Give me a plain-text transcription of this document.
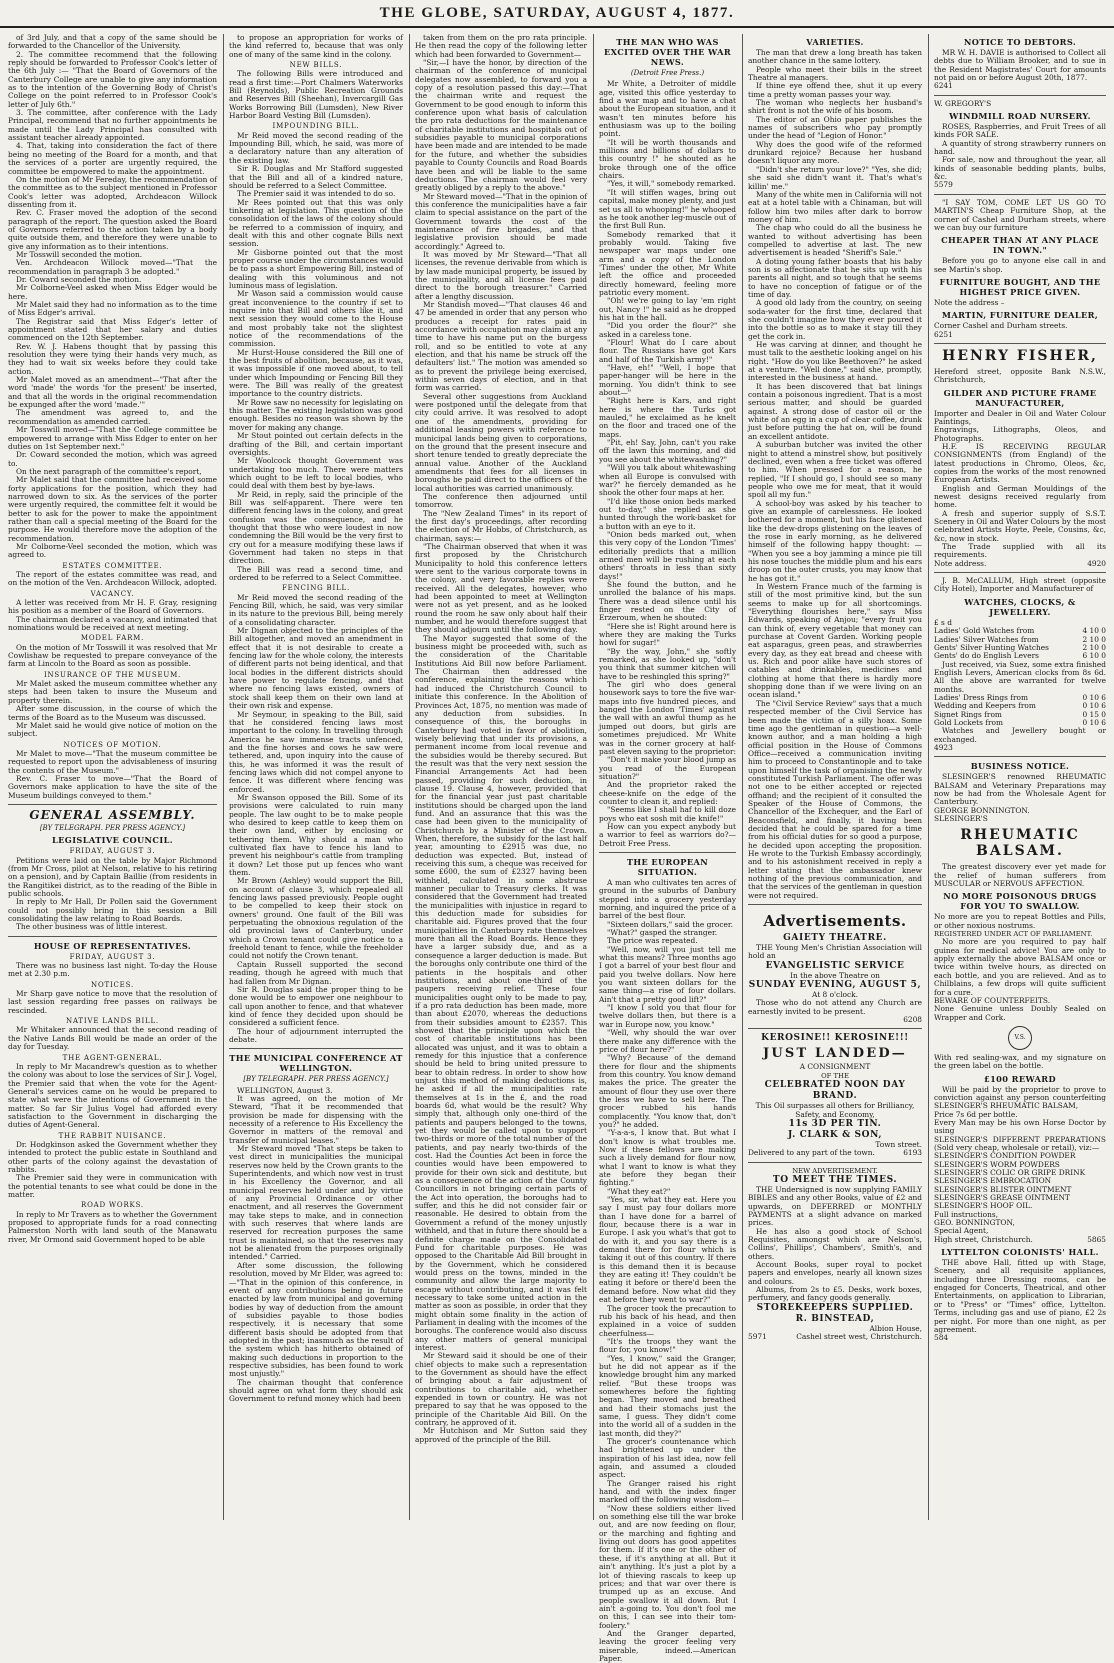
THE GLOBE, SATURDAY, AUGUST 4, 1877.
of 3rd July, and that a copy of the same should be forwarded to the Chancellor of the University.
2. The committee recommend that the following reply should be forwarded to Professor Cook's letter of the 6th July :— "That the Board of Governors of the Canterbury College are unable to give any information as to the intention of the Governing Body of Christ's College on the point referred to in Professor Cook's letter of July 6th."
3. The committee, after conference with the Lady Principal, recommend that no further appointments be made until the Lady Principal has consulted with assistant teacher already appointed.
4. That, taking into consideration the fact of there being no meeting of the Board for a month, and that the services of a porter are urgently required, the committee be empowered to make the appointment.
On the motion of Mr Fereday, the recommendation of the committee as to the subject mentioned in Professor Cook's letter was adopted, Archdeacon Willock dissenting from it.
Rev. C. Fraser moved the adoption of the second paragraph of the report. The question asked the Board of Governors referred to the action taken by a body quite outside them, and therefore they were unable to give any information as to their intentions.
Mr Tosswill seconded the motion.
Ven. Archdeacon Willock moved—"That the recommendation in paragraph 3 be adopted."
Dr. Coward seconded the motion.
Mr Colborne-Veel asked when Miss Edger would be here.
Mr Malet said they had no information as to the time of Miss Edger's arrival.
The Registrar said that Miss Edger's letter of appointment stated that her salary and duties commenced on the 12th September.
Rev. W. J. Habens thought that by passing this resolution they were tying their hands very much, as they had to wait six weeks before they could take action.
Mr Malet moved as an amendment—"That after the word 'made' the words 'for the present' be inserted, and that all the words in the original recommendation be expunged after the word 'made.'"
The amendment was agreed to, and the recommendation as amended carried.
Mr Tosswill moved—"That the College committee be empowered to arrange with Miss Edger to enter on her duties on 1st September next."
Dr. Coward seconded the motion, which was agreed to.
On the next paragraph of the committee's report,
Mr Malet said that the committee had received some forty applications for the position, which they had narrowed down to six. As the services of the porter were urgently required, the committee felt it would be better to ask for the power to make the appointment rather than call a special meeting of the Board for the purpose. He would therefore move the adoption of the recommendation.
Mr Colborne-Veel seconded the motion, which was agreed to.
ESTATES COMMITTEE.
The report of the estates committee was read, and on the motion of the Ven. Archdeacon Willock, adopted.
VACANCY.
A letter was received from Mr H. F. Gray, resigning his position as a member of the Board of Governors.
The chairman declared a vacancy, and intimated that nominations would be received at next meeting.
MODEL FARM.
On the motion of Mr Tosswill it was resolved that Mr Cowlishaw be requested to prepare conveyance of the farm at Lincoln to the Board as soon as possible.
INSURANCE OF THE MUSEUM.
Mr Malet asked the museum committee whether any steps had been taken to insure the Museum and property therein.
After some discussion, in the course of which the terms of the Board as to the Museum was discussed.
Mr Malet said he would give notice of motion on the subject.
NOTICES OF MOTION.
Mr Malet to move—"That the museum committee be requested to report upon the advisableness of insuring the contents of the Museum."
Rev. C. Fraser to move—"That the Board of Governors make application to have the site of the Museum buildings conveyed to them."
GENERAL ASSEMBLY.
[BY TELEGRAPH. PER PRESS AGENCY.]
LEGISLATIVE COUNCIL.
FRIDAY, AUGUST 3.
Petitions were laid on the table by Major Richmond (from Mr Cross, pilot at Nelson, relative to his retiring on a pension), and by Captain Baillie (from residents in the Rangitikei district, as to the reading of the Bible in public schools.
In reply to Mr Hall, Dr Pollen said the Government could not possibly bring in this session a Bill consolidating the law relating to Road Boards.
The other business was of little interest.
HOUSE OF REPRESENTATIVES.
FRIDAY, AUGUST 3.
There was no business last night. To-day the House met at 2.30 p.m.
NOTICES.
Mr Sharp gave notice to move that the resolution of last session regarding free passes on railways be rescinded.
NATIVE LANDS BILL.
Mr Whitaker announced that the second reading of the Native Lands Bill would be made an order of the day for Tuesday.
THE AGENT-GENERAL.
In reply to Mr Macandrew's question as to whether the colony was about to lose the services of Sir J. Vogel, the Premier said that when the vote for the Agent-General's services came on he would be prepared to state what were the intentions of Government in the matter. So far Sir Julius Vogel had afforded every satisfaction to the Government in discharging the duties of Agent-General.
THE RABBIT NUISANCE.
Dr. Hodgkinson asked the Government whether they intended to protect the public estate in Southland and other parts of the colony against the devastation of rabbits.
The Premier said they were in communication with the potential tenants to see what could be done in the matter.
ROAD WORKS.
In reply to Mr Travers as to whether the Government proposed to appropriate funds for a road connecting Palmerston North with land south of the Manawatu river, Mr Ormond said Government hoped to be able
to propose an appropriation for works of the kind referred to, because that was only one of many of the same kind in the colony.
NEW BILLS.
The following Bills were introduced and read a first time:—Port Chalmers Waterworks Bill (Reynolds), Public Recreation Grounds and Reserves Bill (Sheehan), Invercargill Gas Works Borrowing Bill (Lumsden), New River Harbor Board Vesting Bill (Lumsden).
IMPOUNDING BILL.
Mr Reid moved the second reading of the Impounding Bill, which, he said, was more of a declaratory nature than any alteration of the existing law.
Sir R. Douglas and Mr Stafford suggested that the Bill and all of a kindred nature, should be referred to a Select Committee.
The Premier said it was intended to do so.
Mr Rees pointed out that this was only tinkering at legislation. This question of the consolidation of the laws of the colony should be referred to a commission of inquiry, and dealt with this and other cognate Bills next session.
Mr Gisborne pointed out that the most proper course under the circumstances would be to pass a short Empowering Bill, instead of dealing with this voluminous and not luminous mass of legislation.
Mr Wason said a commission would cause great inconvenience to the country if set to inquire into that Bill and others like it, and next session they would come to the House and most probably take not the slightest notice of the recommendations of the commission.
Mr Hurst-House considered the Bill one of the best fruits of abolition, because, as it was, it was impossible if one moved about, to tell under which Impounding or Fencing Bill they were. The Bill was really of the greatest importance to the country districts.
Mr Rowe saw no necessity for legislating on this matter. The existing legislation was good enough. Besides no reason was shown by the mover for making any change.
Mr Stout pointed out certain defects in the drafting of the Bill, and certain important oversights.
Mr Woolcock thought Government was undertaking too much. There were matters which ought to be left to local bodies, who could deal with them best by bye-laws.
Mr Reid, in reply, said the principle of the Bill was self-apparent. There were ten different fencing laws in the colony, and great confusion was the consequence, and he thought that those who were loudest in now condemning the Bill would be the very first to cry out for a measure modifying these laws if Government had taken no steps in that direction.
The Bill was read a second time, and ordered to be referred to a Select Committee.
FENCING BILL.
Mr Reid moved the second reading of the Fencing Bill, which, he said, was very similar in its nature to the previous Bill, being merely of a consolidating character.
Mr Dignan objected to the principles of the Bill altogether, and moved an amendment in effect that it is not desirable to create a fencing law for the whole colony, the interests of different parts not being identical, and that local bodies in the different districts should have power to regulate fencing, and that where no fencing laws existed, owners of stock shall keep them on their own land at their own risk and expense.
Mr Seymour, in speaking to the Bill, said that he considered fencing laws most important to the colony. In travelling through America he saw immense tracts unfenced, and the fine horses and cows he saw were tethered, and, upon inquiry into the cause of this, he was informed it was the result of fencing laws which did not compel anyone to fence. It was different where fencing was enforced.
Mr Swanson opposed the Bill. Some of its provisions were calculated to ruin many people. The law ought to be to make people who desired to keep cattle to keep them on their own land, either by enclosing or tethering them. Why should a man who cultivated flax have to fence his land to prevent his neighbour's cattle from trampling it down? Let those put up fences who want them.
Mr Brown (Ashley) would support the Bill, on account of clause 3, which repealed all fencing laws passed previously. People ought to be compelled to keep their stock on owners' ground. One fault of the Bill was perpetuating the obnoxious regulation of the old provincial laws of Canterbury, under which a Crown tenant could give notice to a freehold tenant to fence, while the freeholder could not notify the Crown tenant.
Captain Russell supported the second reading, though he agreed with much that had fallen from Mr Dignan.
Sir R. Douglas said the proper thing to be done would be to empower one neighbour to call upon another to fence, and that whatever kind of fence they decided upon should be considered a sufficient fence.
The hour of adjournment interrupted the debate.
THE MUNICIPAL CONFERENCE AT WELLINGTON.
[BY TELEGRAPH. PER PRESS AGENCY.]
WELLINGTON, August 3.
It was agreed, on the motion of Mr Steward, "That it be recommended that provision be made for dispensing with the necessity of a reference to His Excellency the Governor in matters of the removal and transfer of municipal leases."
Mr Steward moved "That steps be taken to vest direct in municipalities the municipal reserves now held by the Crown grants to the Superintendents, and which now vest in trust in his Excellency the Governor, and all municipal reserves held under and by virtue of any Provincial Ordinance or other enactment, and all reserves the Government may take steps to make, and in connection with such reserves that where lands are reserved for recreation purposes the same trust is maintained, so that the reserves may not be alienated from the purposes originally intended." Carried.
After some discussion, the following resolution, moved by Mr Elder, was agreed to:—"That in the opinion of this conference, in event of any contributions being in future enacted by law from municipal and governing bodies by way of deduction from the amount of subsidies payable to those bodies respectively, it is necessary that some different basis should be adopted from that adopted in the past; inasmuch as the result of the system which has hitherto obtained of making such deductions in proportion to the respective subsidies, has been found to work most unjustly."
The chairman thought that conference should agree on what form they should ask Government to refund money which had been
taken from them on the pro rata principle. He then read the copy of the following letter which had been forwarded to Government—
"Sir,—I have the honor, by direction of the chairman of the conference of municipal delegates now assembled, to forward you a copy of a resolution passed this day:—That the chairman write and request the Government to be good enough to inform this conference upon what basis of calculation the pro rata deductions for the maintenance of charitable institutions and hospitals out of subsidies payable to municipal corporations have been made and are intended to be made for the future, and whether the subsidies payable to County Councils and Road Boards have been and will be liable to the same deductions. The chairman would feel very greatly obliged by a reply to the above."
Mr Steward moved—"That in the opinion of this conference the municipalities have a fair claim to special assistance on the part of the Government towards the cost of the maintenance of fire brigades, and that legislative provision should be made accordingly." Agreed to.
It was moved by Mr Steward—"That all licenses, the revenue derivable from which is by law made municipal property, be issued by the municipality, and all license fees paid direct to the borough treasurer." Carried after a lengthy discussion.
Mr Standish moved—"That clauses 46 and 47 be amended in order that any person who produces a receipt for rates paid in accordance with occupation may claim at any time to have his name put on the burgess roll, and so be entitled to vote at any election, and that his name be struck off the defaulters' list." The motion was amended so as to prevent the privilege being exercised, within seven days of election, and in that form was carried.
Several other suggestions from Auckland were postponed until the delegate from that city could arrive. It was resolved to adopt one of the amendments, providing for additional leasing powers with reference to municipal lands being given to corporations, on the ground that the present insecure and short tenure tended to greatly depreciate the annual value. Another of the Auckland amendments that fees for all licenses in boroughs be paid direct to the officers of the local authorities was carried unanimously.
The conference then adjourned until tomorrow.
The "New Zealand Times" in its report of the first day's proceedings, after recording the election of Mr Hobbs, of Christchurch, as chairman, says:—
"The Chairman observed that when it was first proposed by the Christchurch Municipality to hold this conference letters were sent to the various corporate towns in the colony, and very favorable replies were received. All the delegates, however, who had been appointed to meet at Wellington were not as yet present, and as he looked round the room he saw only about half their number, and he would therefore suggest that they should adjourn until the following day.
The Mayor suggested that some of the business might be proceeded with, such as the consideration of the Charitable Institutions Aid Bill now before Parliament. The Chairman then addressed the conference, explaining the reasons which had induced the Christchurch Council to initiate this conference. In the Abolition of Provinces Act, 1875, no mention was made of any deduction from subsidies. In consequence of this, the boroughs in Canterbury had voted in favor of abolition, wisely believing that under its provisions, a permanent income from local revenue and the subsidies would be thereby secured. But the result was that the very next session the Financial Arrangements Act had been passed, providing for such deduction, in clause 19. Clause 4, however, provided that for the financial year just past charitable institutions should be charged upon the land fund. And an assurance that this was the case had been given to the municipality of Christchurch by a Minister of the Crown. When, therefore, the subsidy for the last half year, amounting to £2915 was due, no deduction was expected. But, instead of receiving this sum, a cheque was received for some £600, the sum of £2327 having been withheld, calculated in some abstruse manner peculiar to Treasury clerks. It was considered that the Government had treated the municipalities with injustice in regard to this deduction made for subsidies for charitable aid. Figures proved that the four municipalities in Canterbury rate themselves more than all the Road Boards. Hence they have a larger subsidy due, and as a consequence a larger deduction is made. But the boroughs only contribute one third of the patients in the hospitals and other institutions, and about one-third of the paupers receiving relief. These four municipalities ought only to be made to pay, if a pro rata deduction has been made, more than about £2070, whereas the deductions from their subsidies amount to £2357. This showed that the principle upon which the cost of charitable institutions has been allocated was unjust, and it was to obtain a remedy for this injustice that a conference should be held to bring united pressure to bear to obtain redress. In order to show how unjust this method of making deductions is, he asked if all the municipalities rate themselves at 1s in the £, and the road boards 6d, what would be the result? Why simply that, although only one-third of the patients and paupers belonged to the towns, yet they would be called upon to support two-thirds or more of the total number of the patients, and pay nearly two-thirds of the cost. Had the Counties Act been in force the counties would have been empowered to provide for their own sick and destitute, but as a consequence of the action of the County Councillors in not bringing certain parts of the Act into operation, the boroughs had to suffer, and this he did not consider fair or reasonable. He desired to obtain from the Government a refund of the money unjustly withheld, and that in future there should be a definite charge made on the Consolidated Fund for charitable purposes. He was opposed to the Charitable Aid Bill brought in by the Government, which he considered would press on the towns, minded in the community and allow the large majority to escape without contributing, and it was felt necessary to take some united action in the matter as soon as possible, in order that they might obtain some finality in the action of Parliament in dealing with the incomes of the boroughs. The conference would also discuss any other matters of general municipal interest.
Mr Steward said it should be one of their chief objects to make such a representation to the Government as should have the effect of bringing about a fair adjustment of contributions to charitable aid, whether expended in town or country. He was not prepared to say that he was opposed to the principle of the Charitable Aid Bill. On the contrary, he approved of it.
Mr Hutchison and Mr Sutton said they approved of the principle of the Bill.
THE MAN WHO WAS EXCITED OVER THE WAR NEWS.
(Detroit Free Press.)
Mr White, a Detroiter of middle age, visited this office yesterday to find a war map and to have a chat about the European situation, and it wasn't ten minutes before his enthusiasm was up to the boiling point.
"It will be worth thousands and millions and billions of dollars to this country !" he shouted as he broke through one of the office chairs.
"Yes, it will," somebody remarked.
"It will stiffen wages, bring out capital, make money plenty, and just set us all to whooping!" he whooped as he took another leg-muscle out of the first Bull Run.
Somebody remarked that it probably would. Taking five newspaper war maps under one arm and a copy of the London 'Times' under the other, Mr White left the office and proceeded directly homeward, feeling more patriotic every moment.
"Oh! we're going to lay 'em right out, Nancy !" he said as he dropped his hat in the hall.
"Did you order the flour?" she asked in a careless tone.
"Flour! What do I care about flour. The Russians have got Kars and half of the Turkish army!"
"Have, eh!" "Well, I hope that paper-hanger will be here in the morning. You didn't think to see about—"
"Right here is Kars, and right here is where the Turks got mauled," he exclaimed as he knelt on the floor and traced one of the maps.
"Pit, eh! Say, John, can't you rake off the lawn this morning, and did you see about the whitewashing?"
"Will you talk about whitewashing when all Europe is convulsed with war?" he fiercely demanded as he shook the other four maps at her.
"I'd like those onion beds marked out to-day," she replied as she hunted through the work-basket for a button with an eye to it.
"Onion beds marked out, when this very copy of the London 'Times' editorially predicts that a million armed men will be rushing at each others' throats in less than sixty days!"
She found the button, and he unrolled the balance of his maps. There was a dead silence until his finger rested on the City of Erzeroum, when he shouted:
"Here she is! Right around here is where they are making the Turks howl for sugar!"
"By the way, John," she softly remarked, as she looked up, "don't you think that summer kitchen will have to be reshingled this spring?"
The girl who does general housework says to tore the five war-maps into five hundred pieces, and banged the London 'Times' against the wall with an awful thump as he jumped out doors, but girls are sometimes prejudiced. Mr White was in the corner grocery at half-past eleven saying to the proprietor:
"Don't it make your blood jump as you read of the European situation?"
And the proprietor raked the cheese-knife on the edge of the counter to clean it, and replied:
"Seems like I shall haf to kill doze poys who eat sosh mit die knife!"
How can you expect anybody but a warrior to feel as warriors do?—Detroit Free Press.
THE EUROPEAN SITUATION.
A man who cultivates ten acres of ground in the suburbs of Danbury stepped into a grocery yesterday morning, and inquired the price of a barrel of the best flour.
"Sixteen dollars," said the grocer.
"What?" gasped the stranger.
The price was repeated.
"Well, now, will you just tell me what this means? Three months ago I got a barrel of your best flour and paid you twelve dollars. Now here you want sixteen dollars for the same thing—a rise of four dollars. Ain't that a pretty good lift?"
"I know I sold you that flour for twelve dollars then, but there is a war in Europe now, you know."
"Well, why should the war over there make any difference with the price of flour here?"
"Why? Because of the demand there for flour and the shipments from this country. You know demand makes the price. The greater the amount of flour they use over there the less we have to sell here. The grocer rubbed his hands complacently. "You know that, don't you?" he added.
"Y-a-a-s, I know that. But what I don't know is what troubles me. Now if these fellows are making such a lively demand for flour now, what I want to know is what they ate before they began their fighting."
"What they eat?"
"Yes, sir, what they eat. Here you say I must pay four dollars more than I have done for a barrel of flour, because there is a war in Europe. I ask you what's that got to do with it, and you say there is a demand there for flour which is taking it out of this country. If there is this demand then it is because they are eating it! They couldn't be eating it before or there'd been the demand before. Now what did they eat before they went to war?"
The grocer took the precaution to rub his back of his head, and then explained in a voice of sudden cheerfulness—
"It's the troops they want the flour for, you know!"
"Yes, I know," said the Granger, but he did not appear as if the knowledge brought him any marked relief. "But these troops was somewheres before the fighting began. They moved and breathed and had their stomachs just the same, I guess. They didn't come into the world all of a sudden in the last month, did they?"
The grocer's countenance which had brightened up under the inspiration of his last idea, now fell again, and assumed a clouded aspect.
The Granger raised his right hand, and with the index finger marked off the following wisdom—
"Now these soldiers either lived on something else till the war broke out, and are now feeding on flour, or the marching and fighting and living out doors has good appetites for them. If it's one or the other of these, if it's anything at all. But it ain't anything. It's just a plot by a lot of thieving rascals to keep up prices; and that war over there is trumped up as an excuse. And people swallow it all down. But I ain't a-going to. You don't fool me on this, I can see into their tom-foolery."
And the Granger departed, leaving the grocer feeling very miserable, indeed.—American Paper.
VARIETIES.
The man that drew a long breath has taken another chance in the same lottery.
People who meet their bills in the street Theatre al managers.
If thine eye offend thee, shut it up every time a pretty woman passes your way.
The woman who neglects her husband's shirt front is not the wife of his bosom.
The editor of an Ohio paper publishes the names of subscribers who pay promptly under the head of "Legion of Honor."
Why does the good wife of the reformed drunkard rejoice? Because her husband doesn't liquor any more.
"Didn't she return your love?" "Yes, she did; she said she didn't want it. That's what's killin' me."
Many of the white men in California will not eat at a hotel table with a Chinaman, but will follow him two miles after dark to borrow money of him.
The chap who could do all the business he wanted to without advertising has been compelled to advertise at last. The new advertisement is headed "Sheriff's Sale."
A doting young father boasts that his baby son is so affectionate that he sits up with his parents all night, and so tough that he seems to have no conception of fatigue or of the time of day.
A good old lady from the country, on seeing soda-water for the first time, declared that she couldn't imagine how they ever poured it into the bottle so as to make it stay till they get the cork in.
He was carving at dinner, and thought he must talk to the aesthetic looking angel on his right. "How do you like Beethoven?" he asked at a venture. "Well done," said she, promptly, interested in the business at hand.
It has been discovered that bat linings contain a poisonous ingredient. That is a most serious matter, and should be guarded against. A strong dose of castor oil or the white of an egg in a cup of clear coffee, drunk just before putting the hat on, will be found an excellent antidote.
A suburban butcher was invited the other night to attend a minstrel show, but positively declined, even when a free ticket was offered to him. When pressed for a reason, he replied, "If I should go, I should see so many people who owe me for meat, that it would spoil all my fun."
A school-boy was asked by his teacher to give an example of carelessness. He looked bothered for a moment, but his face glistened like the dew-drops glistening on the leaves of the rose in early morning, as he delivered himself of the following happy thought: — "When you see a boy jamming a mince pie till his nose touches the middle plum and his ears droop on the outer crusts, you may know that he has got it."
In Western France much of the farming is still of the most primitive kind, but the sun seems to make up for all shortcomings. "Everything flourishes here," says Miss Edwards, speaking of Anjou; "every fruit you can think of, every vegetable that money can purchase at Covent Garden. Working people eat asparagus, green peas, and strawberries every day, as they eat bread and cheese with us. Rich and poor alike have such stores of catables and drinkables, medicines and clothing at home that there is hardly more shopping done than if we were living on an ocean island."
The "Civil Service Review" says that a much respected member of the Civil Service has been made the victim of a silly hoax. Some time ago the gentleman in question—a well-known author, and a man holding a high official position in the House of Commons Office—received a communication inviting him to proceed to Constantinople and to take upon himself the task of organising the newly constituted Turkish Parliament. The offer was not one to be either accepted or rejected offhand; and the recipient of it consulted the Speaker of the House of Commons, the Chancellor of the Exchequer, and the Earl of Beaconsfield, and finally, it having been decided that he could be spared for a time from his official duties for so good a purpose, he decided upon accepting the proposition. He wrote to the Turkish Embassy accordingly, and to his astonishment received in reply a letter stating that the ambassador knew nothing of the previous communication, and that the services of the gentleman in question were not required.
Advertisements.
GAIETY THEATRE.
THE Young Men's Christian Association will hold an
EVANGELISTIC SERVICE
In the above Theatre on
SUNDAY EVENING, AUGUST 5,
At 8 o'clock.
Those who do not attend any Church are earnestly invited to be present.
6208
KEROSINE!! KEROSINE!!!
JUST LANDED—
A CONSIGNMENT
OF THE
CELEBRATED NOON DAY BRAND.
This Oil surpasses all others for Brilliancy, Safety, and Economy,
11s 3D PER TIN.
J. CLARK & SON,
Town street.
Delivered to any part of the town.	6193
NEW ADVERTISEMENT.
TO MEET THE TIMES.
THE Undersigned is now supplying FAMILY BIBLES and any other Books, value of £2 and upwards, on DEFERRED or MONTHLY PAYMENTS at a slight advance on marked prices.
He has also a good stock of School Requisites, amongst which are Nelson's, Collins', Phillips', Chambers', Smith's, and others.
Account Books, super royal to pocket papers and envelopes, nearly all known sizes and colours.
Albums, from 2s to £5. Desks, work boxes, perfumery, and fancy goods generally.
STOREKEEPERS SUPPLIED.
R. BINSTEAD,
Albion House,
5971	Cashel street west, Christchurch.
NOTICE TO DEBTORS.
MR W. H. DAVIE is authorised to Collect all debts due to William Brooker, and to sue in the Resident Magistrates' Court for amounts not paid on or before August 20th, 1877.
6241
W. GREGORY'S
WINDMILL ROAD NURSERY.
ROSES, Raspberries, and Fruit Trees of all kinds FOR SALE.
A quantity of strong strawberry runners on hand.
For sale, now and throughout the year, all kinds of seasonable bedding plants, bulbs, &c.
5579
"I SAY TOM, COME LET US GO TO MARTIN'S Cheap Furniture Shop, at the corner of Cashel and Durham streets, where we can buy our furniture
CHEAPER THAN AT ANY PLACE IN TOWN."
Before you go to anyone else call in and see Martin's shop.
FURNITURE BOUGHT, AND THE HIGHEST PRICE GIVEN.
Note the address –
MARTIN, FURNITURE DEALER,
Corner Cashel and Durham streets.
6251
HENRY FISHER,
Hereford street, opposite Bank N.S.W., Christchurch,
GILDER AND PICTURE FRAME MANUFACTURER,
Importer and Dealer in Oil and Water Colour Paintings,
Engravings, Lithographs, Oleos, and Photographs.
H.F. IS RECEIVING REGULAR CONSIGNMENTS (from England) of the latest productions in Chromo, Oleos, &c, copies from the works of the most renowned European Artists.
English and German Mouldings of the newest designs received regularly from home.
A fresh and superior supply of S.S.T. Scenery in Oil and Water Colours by the most celebrated Artists Hoyte, Peele, Cousins, &c, &c, now in stock.
The Trade supplied with all its requirements.
Note address.	4920
J. B. McCALLUM, High street (opposite City Hotel), Importer and Manufacturer of
WATCHES, CLOCKS, & JEWELLERY.
£ s d
Ladies' Gold Watches from	4 10 0
Ladies' Silver Watches from	2 10 0
Gents' Silver Hunting Watches	2 10 0
Gents' do do English Levers	6 10 0
Just received, via Suez, some extra finished English Levers, American clocks from 8s 6d. All the above are warranted for twelve months.
Ladies' Dress Rings from	0 10 6
Wedding and Keepers from	0 10 6
Signet Rings from	0 15 0
Gold Lockets from	0 10 6
Watches and Jewellery bought or exchanged.
4923
BUSINESS NOTICE.
SLESINGER'S renowned RHEUMATIC BALSAM and Veterinary Preparations may now be had from the Wholesale Agent for Canterbury.
GEORGE BONNINGTON.
SLESINGER'S
RHEUMATIC BALSAM.
The greatest discovery ever yet made for the relief of human sufferers from MUSCULAR or NERVOUS AFFECTION.
NO MORE POISONOUS DRUGS FOR YOU TO SWALLOW.
No more are you to repeat Bottles and Pills, or other noxious nostrums.
REGISTERED UNDER ACT OF PARLIAMENT.
No more are you required to pay half guinea for medical advice! You are only to apply externally the above BALSAM once or twice within twelve hours, as directed on each bottle, and you are relieved. And as to Chilblains, a few drops will quite sufficient for a cure.
BEWARE OF COUNTERFEITS.
None Genuine unless Doubly Sealed on Wrapper and Cork.
V.S.
With red sealing-wax, and my signature on the green label on the bottle.
£100 REWARD
Will be paid by the proprietor to prove to conviction against any person counterfeiting SLESINGER'S RHEUMATIC BALSAM,
Price 7s 6d per bottle.
Every Man may be his own Horse Doctor by using
SLESINGER'S DIFFERENT PREPARATIONS (Sold very cheap, wholesale or retail), viz:—
SLESINGER'S CONDITION POWDER
SLESINGER'S WORM POWDERS
SLESINGER'S COLIC OR GRIPE DRINK
SLESINGER'S EMBROCATION
SLESINGER'S BLISTER OINTMENT
SLESINGER'S GREASE OINTMENT
SLESINGER'S HOOF OIL.
Full instructions,
GEO. BONNINGTON,
Special Agent,
High street, Christchurch.	5865
LYTTELTON COLONISTS' HALL.
THE above Hall, fitted up with Stage, Scenery, and all requisite appliances, including three Dressing rooms, can be engaged for Concerts, Theatrical, and other Entertainments, on application to Librarian, or to "Press" or "Times" office, Lyttelton. Terms, including gas and use of piano, £2 2s per night. For more than one night, as per agreement.
584
